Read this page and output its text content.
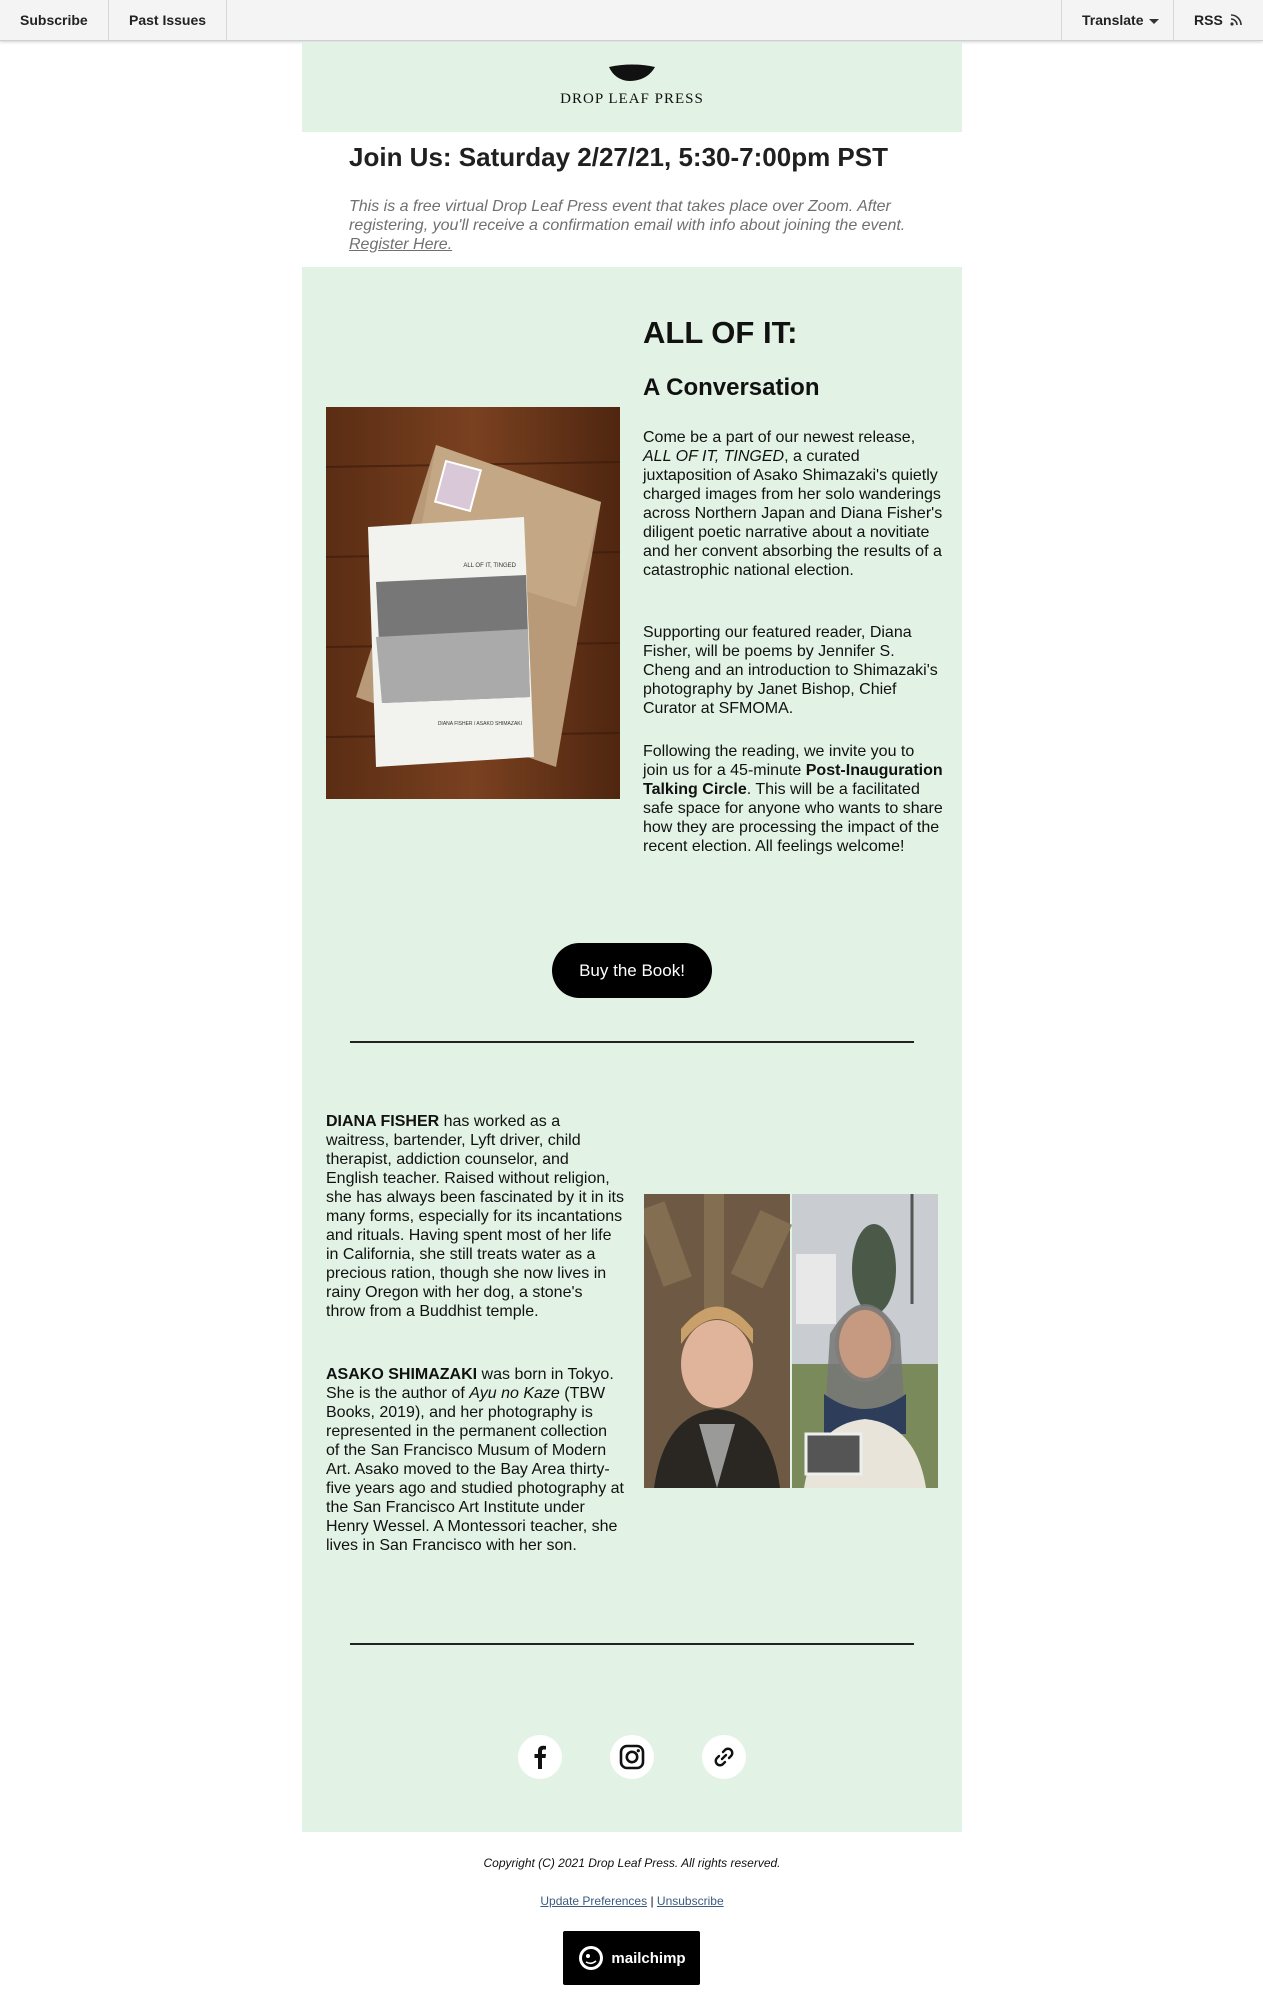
Subscribe	Past Issues	Translate	RSS
DROP LEAF PRESS
Join Us: Saturday 2/27/21, 5:30-7:00pm PST
This is a free virtual Drop Leaf Press event that takes place over Zoom. After registering, you'll receive a confirmation email with info about joining the event.
Register Here.
ALL OF IT, TINGED
DIANA FISHER / ASAKO SHIMAZAKI
ALL OF IT:
A Conversation
Come be a part of our newest release, ALL OF IT, TINGED, a curated juxtaposition of Asako Shimazaki's quietly charged images from her solo wanderings across Northern Japan and Diana Fisher's diligent poetic narrative about a novitiate and her convent absorbing the results of a catastrophic national election.
Supporting our featured reader, Diana Fisher, will be poems by Jennifer S. Cheng and an introduction to Shimazaki's photography by Janet Bishop, Chief Curator at SFMOMA.
Following the reading, we invite you to join us for a 45-minute Post-Inauguration Talking Circle. This will be a facilitated safe space for anyone who wants to share how they are processing the impact of the recent election. All feelings welcome!
Buy the Book!
DIANA FISHER has worked as a waitress, bartender, Lyft driver, child therapist, addiction counselor, and English teacher. Raised without religion, she has always been fascinated by it in its many forms, especially for its incantations and rituals. Having spent most of her life in California, she still treats water as a precious ration, though she now lives in rainy Oregon with her dog, a stone's throw from a Buddhist temple.
ASAKO SHIMAZAKI was born in Tokyo. She is the author of Ayu no Kaze (TBW Books, 2019), and her photography is represented in the permanent collection of the San Francisco Musum of Modern Art. Asako moved to the Bay Area thirty-five years ago and studied photography at the San Francisco Art Institute under Henry Wessel. A Montessori teacher, she lives in San Francisco with her son.
Copyright (C) 2021 Drop Leaf Press. All rights reserved.
Update Preferences | Unsubscribe
mailchimp
